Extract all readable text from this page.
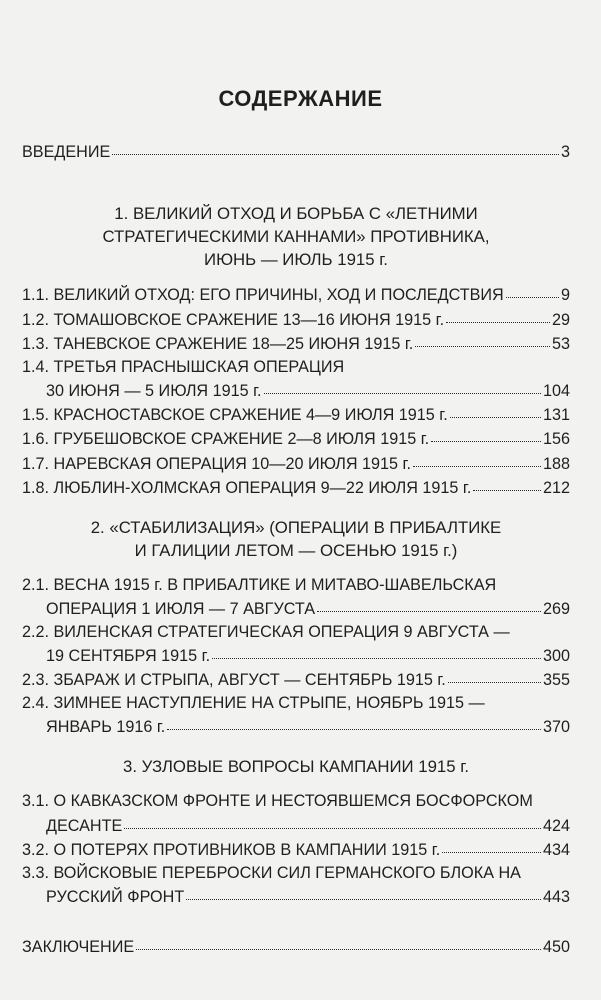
СОДЕРЖАНИЕ
ВВЕДЕНИЕ	3
1. ВЕЛИКИЙ ОТХОД И БОРЬБА С «ЛЕТНИМИ
СТРАТЕГИЧЕСКИМИ КАННАМИ» ПРОТИВНИКА,
ИЮНЬ — ИЮЛЬ 1915 г.
1.1. ВЕЛИКИЙ ОТХОД: ЕГО ПРИЧИНЫ, ХОД И ПОСЛЕДСТВИЯ	9
1.2. ТОМАШОВСКОЕ СРАЖЕНИЕ 13—16 ИЮНЯ 1915 г.	29
1.3. ТАНЕВСКОЕ СРАЖЕНИЕ 18—25 ИЮНЯ 1915 г.	53
1.4. ТРЕТЬЯ ПРАСНЫШСКАЯ ОПЕРАЦИЯ
30 ИЮНЯ — 5 ИЮЛЯ 1915 г.	104
1.5. КРАСНОСТАВСКОЕ СРАЖЕНИЕ 4—9 ИЮЛЯ 1915 г.	131
1.6. ГРУБЕШОВСКОЕ СРАЖЕНИЕ 2—8 ИЮЛЯ 1915 г.	156
1.7. НАРЕВСКАЯ ОПЕРАЦИЯ 10—20 ИЮЛЯ 1915 г.	188
1.8. ЛЮБЛИН-ХОЛМСКАЯ ОПЕРАЦИЯ 9—22 ИЮЛЯ 1915 г.	212
2. «СТАБИЛИЗАЦИЯ» (ОПЕРАЦИИ В ПРИБАЛТИКЕ
И ГАЛИЦИИ ЛЕТОМ — ОСЕНЬЮ 1915 г.)
2.1. ВЕСНА 1915 г. В ПРИБАЛТИКЕ И МИТАВО-ШАВЕЛЬСКАЯ
ОПЕРАЦИЯ 1 ИЮЛЯ — 7 АВГУСТА	269
2.2. ВИЛЕНСКАЯ СТРАТЕГИЧЕСКАЯ ОПЕРАЦИЯ 9 АВГУСТА —
19 СЕНТЯБРЯ 1915 г.	300
2.3. ЗБАРАЖ И СТРЫПА, АВГУСТ — СЕНТЯБРЬ 1915 г.	355
2.4. ЗИМНЕЕ НАСТУПЛЕНИЕ НА СТРЫПЕ, НОЯБРЬ 1915 —
ЯНВАРЬ 1916 г.	370
3. УЗЛОВЫЕ ВОПРОСЫ КАМПАНИИ 1915 г.
3.1. О КАВКАЗСКОМ ФРОНТЕ И НЕСТОЯВШЕМСЯ БОСФОРСКОМ
ДЕСАНТЕ	424
3.2. О ПОТЕРЯХ ПРОТИВНИКОВ В КАМПАНИИ 1915 г.	434
3.3. ВОЙСКОВЫЕ ПЕРЕБРОСКИ СИЛ ГЕРМАНСКОГО БЛОКА НА
РУССКИЙ ФРОНТ	443
ЗАКЛЮЧЕНИЕ	450
